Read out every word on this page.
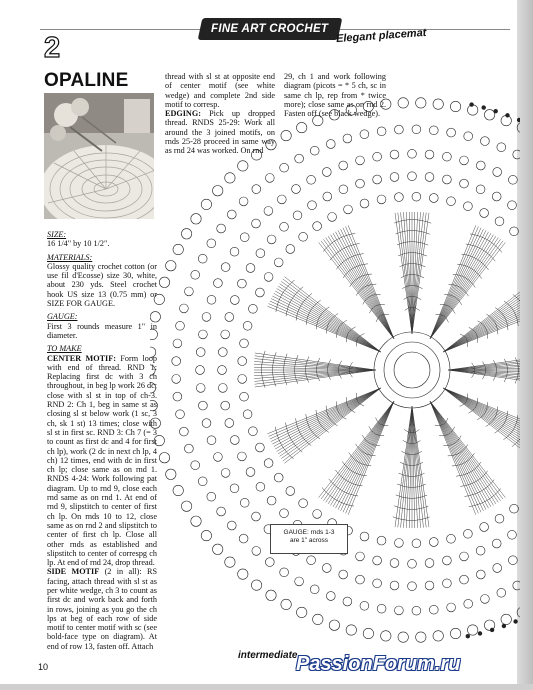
FINE ART CROCHET Elegant placemat
2
OPALINE
SIZE:

16 1/4" by 10 1/2".

MATERIALS:

Glossy quality crochet cotton (or use fil d'Ecosse) size 30, white, about 230 yds. Steel crochet hook US size 13 (0.75 mm) or SIZE FOR GAUGE.

GAUGE:

First 3 rounds measure 1" in diameter.

TO MAKE

CENTER MOTIF: Form loop with end of thread. RND 1: Replacing first dc with 3 ch throughout, in beg lp work 26 dc; close with sl st in top of ch-3. RND 2: Ch 1, beg in same st as closing sl st below work (1 sc, 3 ch, sk 1 st) 13 times; close with sl st in first sc. RND 3: Ch 7 (= 3 to count as first dc and 4 for first ch lp), work (2 dc in next ch lp, 4 ch) 12 times, end with dc in first ch lp; close same as on rnd 1. RNDS 4-24: Work following pat diagram. Up to rnd 9, close each rnd same as on rnd 1. At end of rnd 9, slipstitch to center of first ch lp. On rnds 10 to 12, close same as on rnd 2 and slipstitch to center of first ch lp. Close all other rnds as established and slipstitch to center of correspg ch lp. At end of rnd 24, drop thread.

SIDE MOTIF (2 in all): RS facing, attach thread with sl st as per white wedge, ch 3 to count as first dc and work back and forth in rows, joining as you go the ch lps at beg of each row of side motif to center motif with sc (see bold-face type on diagram). At end of row 13, fasten off. Attach

thread with sl st at opposite end of center motif (see white wedge) and complete 2nd side motif to corresp.

EDGING: Pick up dropped thread. RNDS 25-29: Work all around the 3 joined motifs, on rnds 25-28 proceed in same way as rnd 24 was worked. On rnd

29, ch 1 and work following diagram (picots = * 5 ch, sc in same ch lp, rep from * twice more); close same as on rnd 2. Fasten off (see black wedge).

GAUGE: rnds 1-3
are 1" across
10
intermediate
PassionForum.ru
